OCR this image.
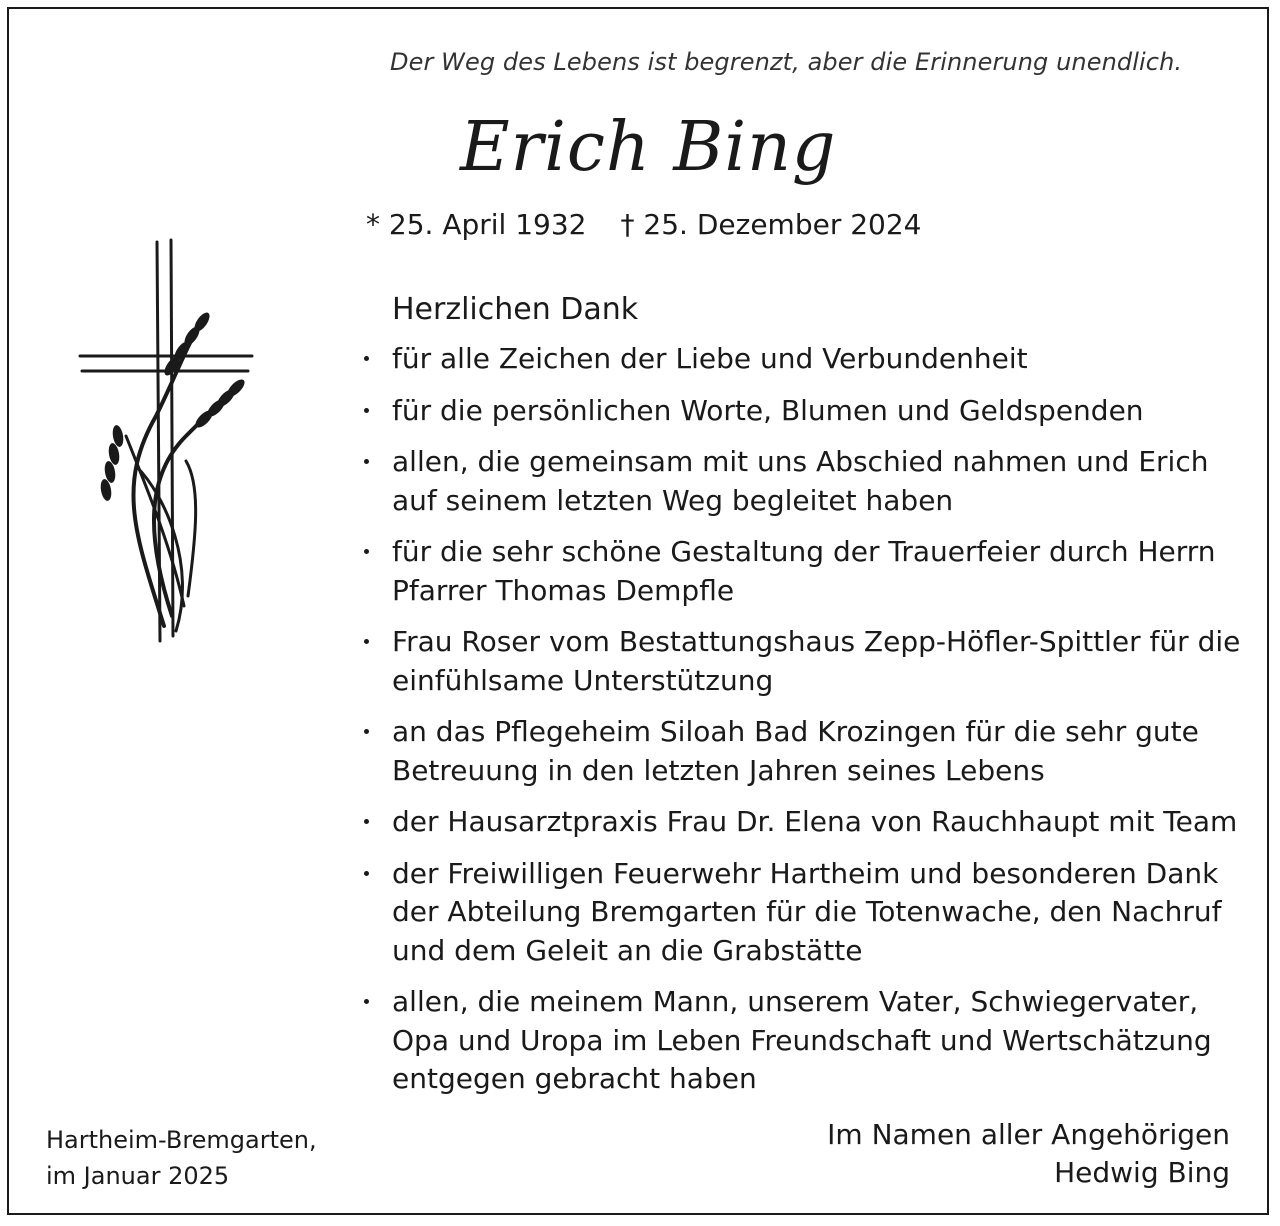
Der Weg des Lebens ist begrenzt, aber die Erinnerung unendlich.
Erich Bing
* 25. April 1932 † 25. Dezember 2024
Herzlichen Dank
für alle Zeichen der Liebe und Verbundenheit
für die persönlichen Worte, Blumen und Geldspenden
allen, die gemeinsam mit uns Abschied nahmen und Erich auf seinem letzten Weg begleitet haben
für die sehr schöne Gestaltung der Trauerfeier durch Herrn Pfarrer Thomas Dempfle
Frau Roser vom Bestattungshaus Zepp-Höfler-Spittler für die einfühlsame Unterstützung
an das Pflegeheim Siloah Bad Krozingen für die sehr gute Betreuung in den letzten Jahren seines Lebens
der Hausarztpraxis Frau Dr. Elena von Rauchhaupt mit Team
der Freiwilligen Feuerwehr Hartheim und besonderen Dank der Abteilung Bremgarten für die Totenwache, den Nachruf und dem Geleit an die Grabstätte
allen, die meinem Mann, unserem Vater, Schwiegervater, Opa und Uropa im Leben Freundschaft und Wertschätzung entgegen gebracht haben
Hartheim-Bremgarten,
im Januar 2025
Im Namen aller Angehörigen
Hedwig Bing
